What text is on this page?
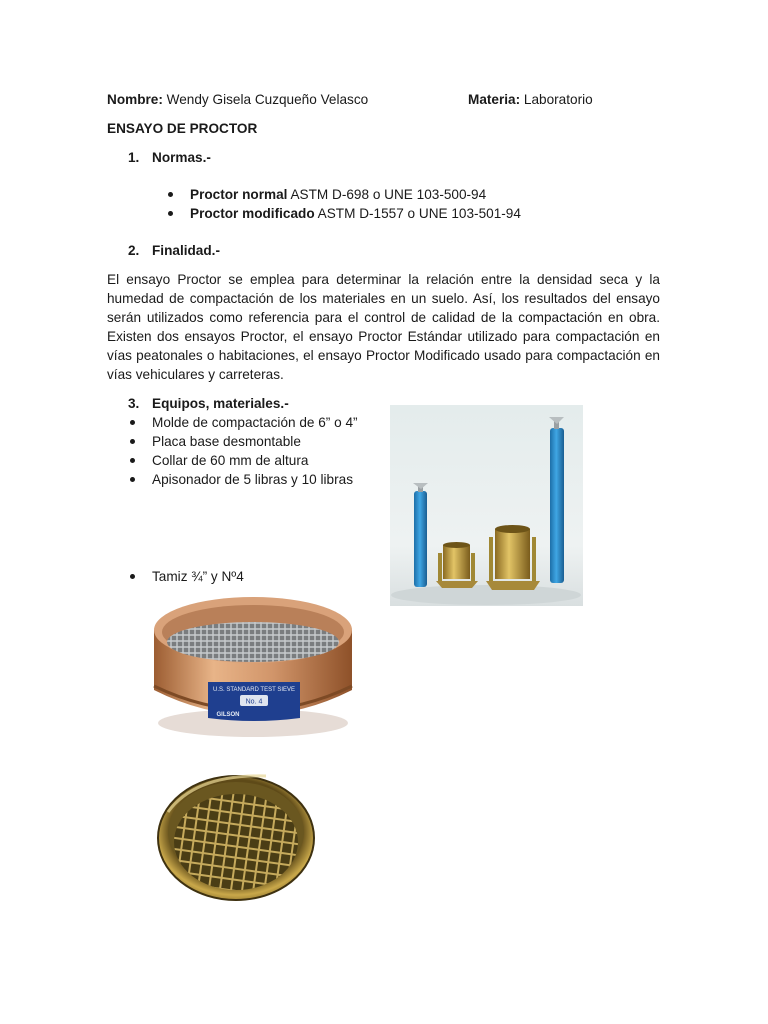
Nombre: Wendy Gisela Cuzqueño Velasco	Materia: Laboratorio
ENSAYO DE PROCTOR
1. Normas.-
Proctor normal ASTM D-698 o UNE 103-500-94
Proctor modificado ASTM D-1557 o UNE 103-501-94
2. Finalidad.-
El ensayo Proctor se emplea para determinar la relación entre la densidad seca y la humedad de compactación de los materiales en un suelo. Así, los resultados del ensayo serán utilizados como referencia para el control de calidad de la compactación en obra. Existen dos ensayos Proctor, el ensayo Proctor Estándar utilizado para compactación en vías peatonales o habitaciones, el ensayo Proctor Modificado usado para compactación en vías vehiculares y carreteras.
3. Equipos, materiales.-
Molde de compactación de 6” o 4”
Placa base desmontable
Collar de 60 mm de altura
Apisonador de 5 libras y 10 libras
Tamiz ¾” y Nº4
U.S. STANDARD TEST SIEVE
No. 4
GILSON
